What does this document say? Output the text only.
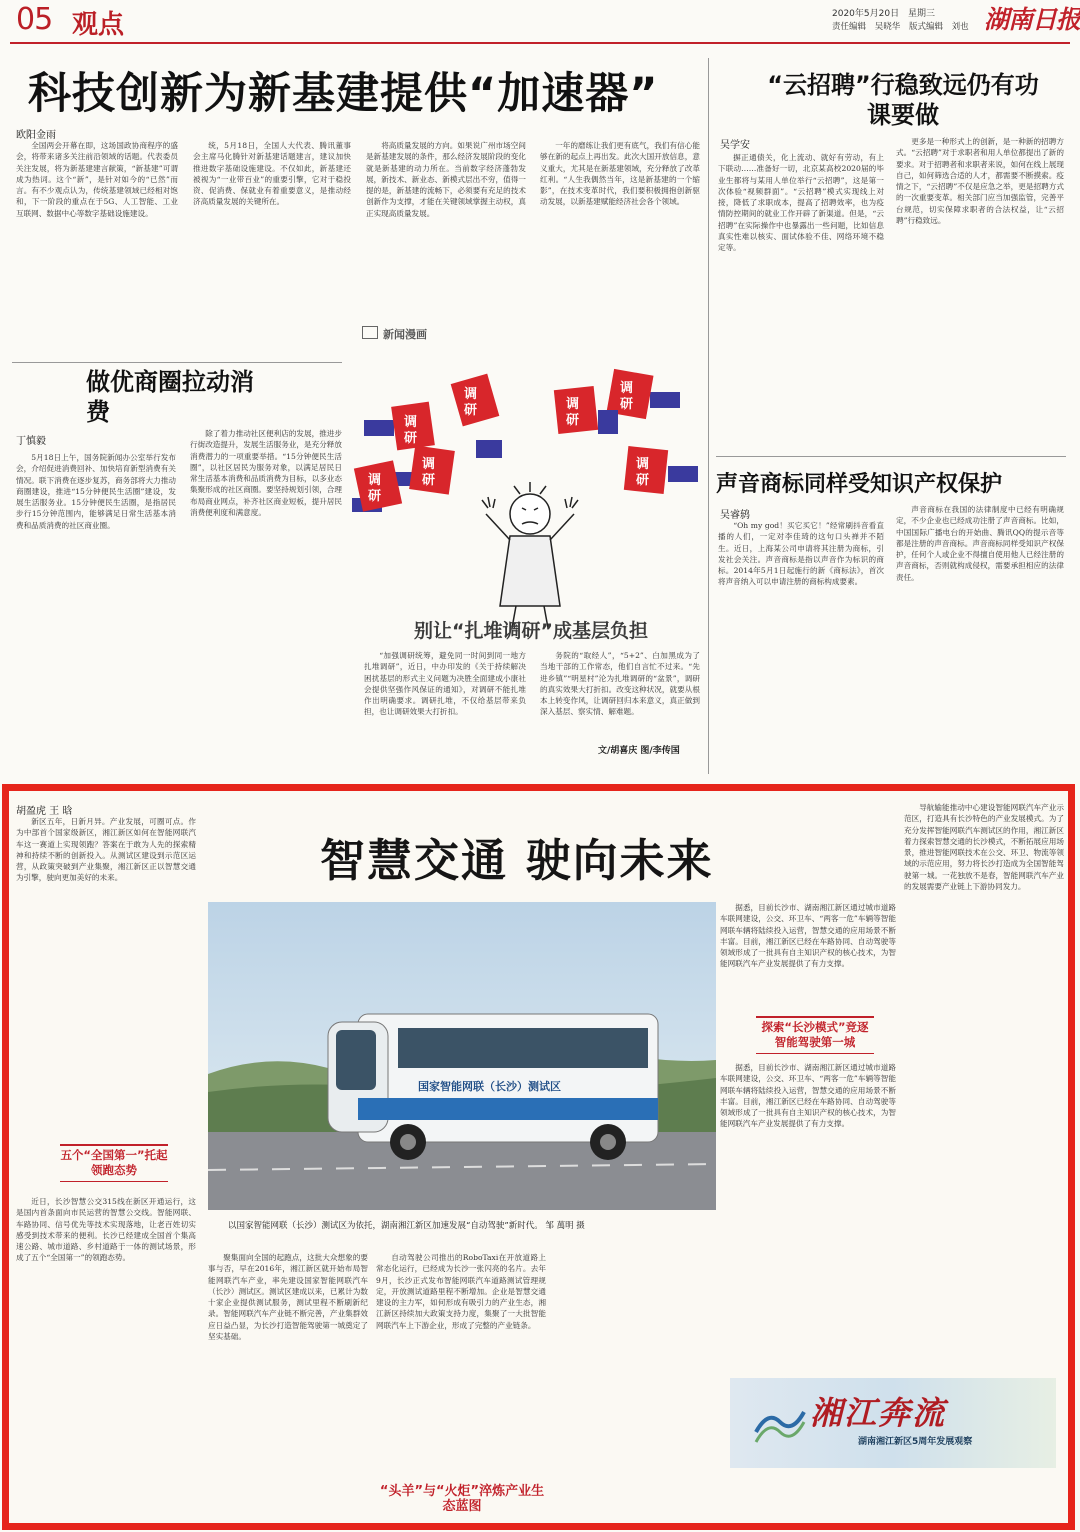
05 观点	2020年5月20日 星期三
责任编辑 吴晓华 版式编辑 刘也 湖南日报
科技创新为新基建提供“加速器”
欧阳金雨

全国两会开幕在即，这场国政协商程序的盛会，将带来诸多关注前沿领域的话题。代表委员关注发展，将为新基建建言献策，“新基建”可谓成为热词。这个“新”，是针对如今的“已然”而言。有不少观点认为，传统基建领域已经相对饱和，下一阶段的重点在于5G、人工智能、工业互联网、数据中心等数字基础设施建设。

统，5月18日，全国人大代表、腾讯董事会主席马化腾针对新基建话题建言，建议加快推进数字基础设施建设。不仅如此，新基建还被视为“一业带百业”的重要引擎，它对于稳投资、促消费、保就业有着重要意义，是推动经济高质量发展的关键所在。

将高质量发展的方向。如果说广州市场空间是新基建发展的条件，那么经济发展阶段的变化就是新基建的动力所在。当前数字经济蓬勃发展，新技术、新业态、新模式层出不穷，值得一提的是，新基建的流畅下，必须要有充足的技术创新作为支撑，才能在关键领域掌握主动权，真正实现高质量发展。

一年的磨练让我们更有底气，我们有信心能够在新的起点上再出发。此次大国开放信息，意义重大，尤其是在新基建领域，充分释放了改革红利。“人生我偶然当年，这是新基建的一个缩影”，在技术变革时代，我们要积极拥抱创新驱动发展，以新基建赋能经济社会各个领域。

“云招聘”行稳致远仍有功课要做
吴学安

摒正通债关，化上流动、就好有劳动，有上下联动……准备好一切，北京某高校2020届的毕业生都将与某用人单位举行“云招聘”，这是第一次体验“视频群面”。“云招聘”模式实现线上对接，降低了求职成本，提高了招聘效率，也为疫情防控期间的就业工作开辟了新渠道。但是，“云招聘”在实际操作中也暴露出一些问题，比如信息真实性难以核实、面试体验不佳、网络环境不稳定等。

更多是一种形式上的创新，是一种新的招聘方式。“云招聘”对于求职者和用人单位都提出了新的要求。对于招聘者和求职者来说，如何在线上展现自己，如何筛选合适的人才，都需要不断摸索。疫情之下，“云招聘”不仅是应急之举，更是招聘方式的一次重要变革。相关部门应当加强监管，完善平台规范，切实保障求职者的合法权益，让“云招聘”行稳致远。

声音商标同样受知识产权保护
吴睿鸫

“Oh my god！买它买它！”经常刷抖音看直播的人们，一定对李佳琦的这句口头禅并不陌生。近日，上海某公司申请将其注册为商标，引发社会关注。声音商标是指以声音作为标识的商标。2014年5月1日起施行的新《商标法》，首次将声音纳入可以申请注册的商标构成要素。

声音商标在我国的法律制度中已经有明确规定，不少企业也已经成功注册了声音商标。比如，中国国际广播电台的开始曲、腾讯QQ的提示音等都是注册的声音商标。声音商标同样受知识产权保护，任何个人或企业不得擅自使用他人已经注册的声音商标，否则就构成侵权，需要承担相应的法律责任。

做优商圈拉动消费
丁慎毅

5月18日上午，国务院新闻办公室举行发布会，介绍促进消费回补、加快培育新型消费有关情况。联下消费在逐步复苏，商务部将大力推动商圈建设，推进“15分钟便民生活圈”建设，发展生活服务业。15分钟便民生活圈，是指居民步行15分钟范围内，能够满足日常生活基本消费和品质消费的社区商业圈。

除了着力推动社区便利店的发展，推进步行街改造提升，发展生活服务业，是充分释放消费潜力的一项重要举措。“15分钟便民生活圈”，以社区居民为服务对象，以满足居民日常生活基本消费和品质消费为目标，以多业态集聚形成的社区商圈。要坚持规划引领，合理布局商业网点，补齐社区商业短板，提升居民消费便利度和满意度。

“加强调研统筹，避免同一时间到同一地方扎堆调研”，近日，中办印发的《关于持续解决困扰基层的形式主义问题为决胜全面建成小康社会提供坚强作风保证的通知》，对调研不能扎堆作出明确要求。调研扎堆，不仅给基层带来负担，也让调研效果大打折扣。

务院的“取经人”，“5+2”、白加黑成为了当地干部的工作常态，他们自言忙不过来。“先进乡镇”“明星村”沦为扎堆调研的“盆景”，调研的真实效果大打折扣。改变这种状况，就要从根本上转变作风，让调研回归本来意义，真正做到深入基层、察实情、解难题。

文/胡喜庆 图/李传国
新闻漫画
调
研
调
研
调
研
调
研
调
研
调
研
调
研
别让“扎堆调研”成基层负担
胡盈虎 王 晗
智慧交通 驶向未来

新区五年，日新月异。产业发展，可圈可点。作为中部首个国家级新区，湘江新区如何在智能网联汽车这一赛道上实现领跑？答案在于敢为人先的探索精神和持续不断的创新投入。从测试区建设到示范区运营，从政策突破到产业集聚，湘江新区正以智慧交通为引擎，驶向更加美好的未来。

五个“全国第一”托起领跑态势

近日，长沙智慧公交315线在新区开通运行，这是国内首条面向市民运营的智慧公交线。智能网联、车路协同、信号优先等技术实现落地，让老百姓切实感受到技术带来的便利。长沙已经建成全国首个集高速公路、城市道路、乡村道路于一体的测试场景，形成了五个“全国第一”的领跑态势。

国家智能网联（长沙）测试区
以国家智能网联（长沙）测试区为依托，湖南湘江新区加速发展“自动驾驶”新时代。 邹 萬明 摄

聚集面向全国的起跑点，这批大众想象的要事与否，早在2016年，湘江新区就开始布局智能网联汽车产业，率先建设国家智能网联汽车（长沙）测试区。测试区建成以来，已累计为数十家企业提供测试服务，测试里程不断刷新纪录。智能网联汽车产业链不断完善，产业集群效应日益凸显，为长沙打造智能驾驶第一城奠定了坚实基础。

自动驾驶公司推出的RoboTaxi在开放道路上常态化运行，已经成为长沙一张闪亮的名片。去年9月，长沙正式发布智能网联汽车道路测试管理规定，开放测试道路里程不断增加。企业是智慧交通建设的主力军，如何形成有吸引力的产业生态，湘江新区持续加大政策支持力度，集聚了一大批智能网联汽车上下游企业，形成了完整的产业链条。

据悉，目前长沙市、湖南湘江新区通过城市道路车联网建设，公交、环卫车、“两客一危”车辆等智能网联车辆将陆续投入运营，智慧交通的应用场景不断丰富。目前，湘江新区已经在车路协同、自动驾驶等领域形成了一批具有自主知识产权的核心技术，为智能网联汽车产业发展提供了有力支撑。

探索“长沙模式”竞逐智能驾驶第一城

据悉，目前长沙市、湖南湘江新区通过城市道路车联网建设，公交、环卫车、“两客一危”车辆等智能网联车辆将陆续投入运营，智慧交通的应用场景不断丰富。目前，湘江新区已经在车路协同、自动驾驶等领域形成了一批具有自主知识产权的核心技术，为智能网联汽车产业发展提供了有力支撑。

导航输能推动中心建设智能网联汽车产业示范区，打造具有长沙特色的产业发展模式。为了充分发挥智能网联汽车测试区的作用，湘江新区着力探索智慧交通的长沙模式，不断拓展应用场景，推进智能网联技术在公交、环卫、物流等领域的示范应用，努力将长沙打造成为全国智能驾驶第一城。一花独放不是春，智能网联汽车产业的发展需要产业链上下游协同发力。

“头羊”与“火炬”淬炼产业生态蓝图
湘江奔流
湖南湘江新区5周年发展观察
